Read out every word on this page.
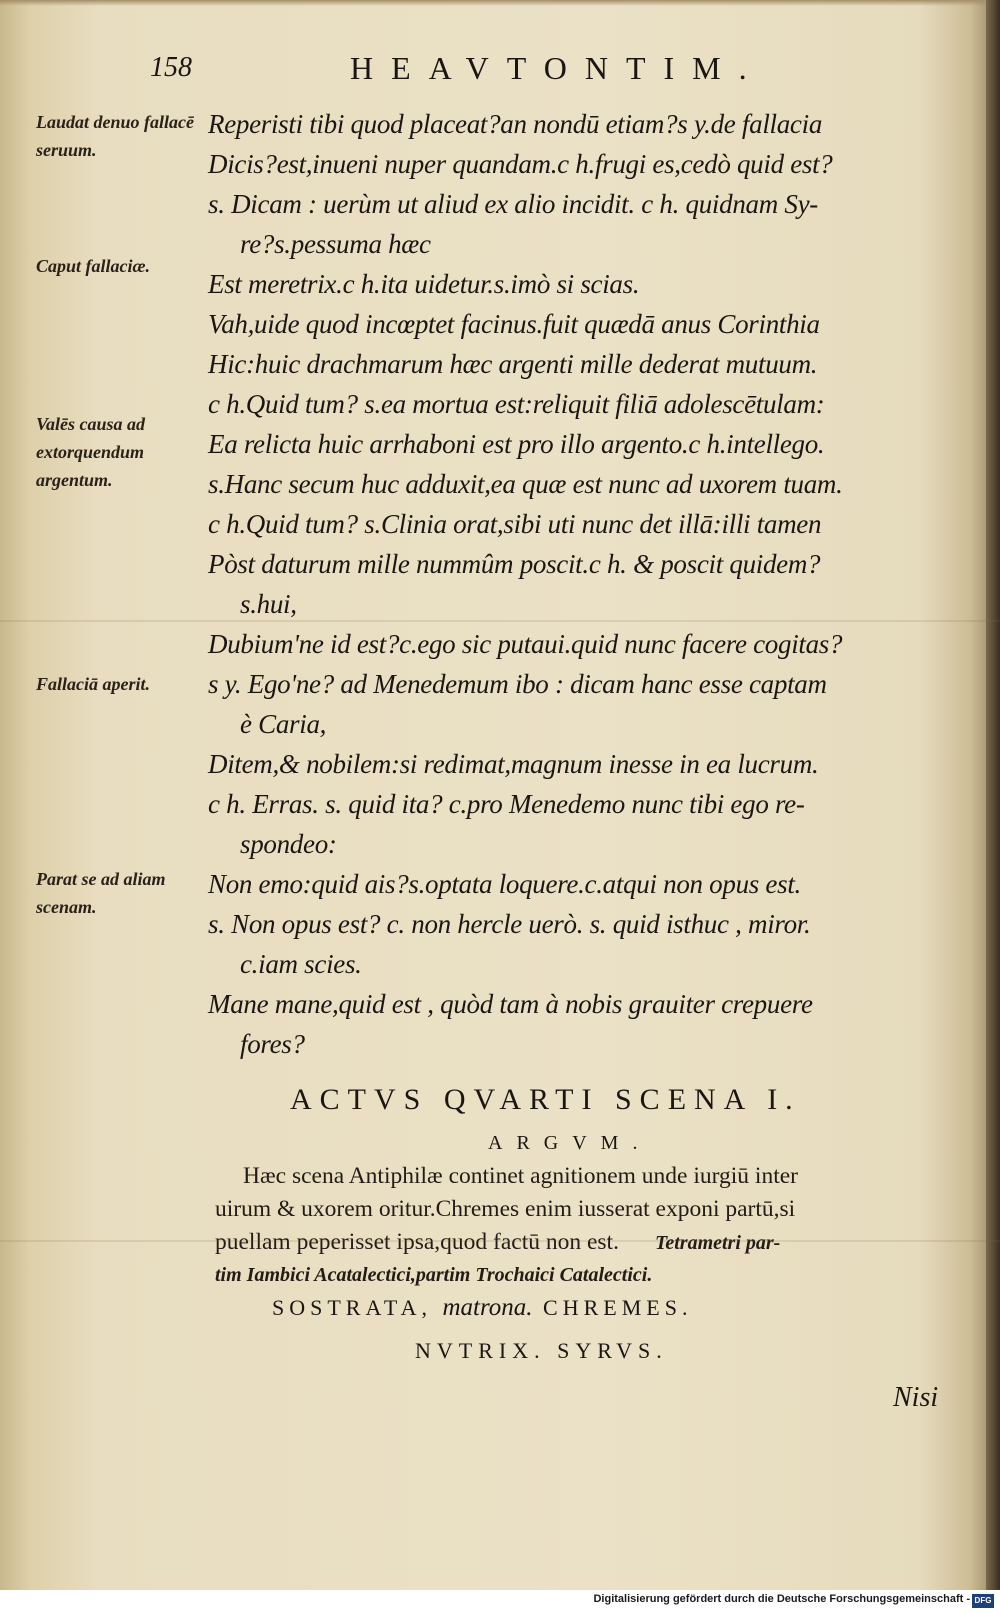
158	HEAVTONTIM.
Laudat denuo fallacē seruum.
Caput fallaciæ.
Valēs causa ad extorquendum argentum.
Fallaciā aperit.
Parat se ad aliam scenam.
Reperisti tibi quod placeat?an nondū etiam?s y.de fallacia
Dicis?est,inueni nuper quandam.c h.frugi es,cedò quid est?
s. Dicam : uerùm ut aliud ex alio incidit. c h. quidnam Sy-
re?s.pessuma hæc
Est meretrix.c h.ita uidetur.s.imò si scias.
Vah,uide quod incœptet facinus.fuit quædā anus Corinthia
Hic:huic drachmarum hæc argenti mille dederat mutuum.
c h.Quid tum? s.ea mortua est:reliquit filiā adolescētulam:
Ea relicta huic arrhaboni est pro illo argento.c h.intellego.
s.Hanc secum huc adduxit,ea quæ est nunc ad uxorem tuam.
c h.Quid tum? s.Clinia orat,sibi uti nunc det illā:illi tamen
Pòst daturum mille nummûm poscit.c h. & poscit quidem?
s.hui,
Dubium'ne id est?c.ego sic putaui.quid nunc facere cogitas?
s y. Ego'ne? ad Menedemum ibo : dicam hanc esse captam
è Caria,
Ditem,& nobilem:si redimat,magnum inesse in ea lucrum.
c h. Erras. s. quid ita? c.pro Menedemo nunc tibi ego re-
spondeo:
Non emo:quid ais?s.optata loquere.c.atqui non opus est.
s. Non opus est? c. non hercle uerò. s. quid isthuc , miror.
c.iam scies.
Mane mane,quid est , quòd tam à nobis grauiter crepuere
fores?
ACTVS QVARTI SCENA I.
ARGVM.
Hæc scena Antiphilæ continet agnitionem unde iurgiū inter
uirum & uxorem oritur.Chremes enim iusserat exponi partū,si
puellam peperisset ipsa,quod factū non est. Tetrametri par-
tim Iambici Acatalectici,partim Trochaici Catalectici.
SOSTRATA, matrona. CHREMES.
NVTRIX. SYRVS.
Nisi
Digitalisierung gefördert durch die Deutsche Forschungsgemeinschaft - DFG
